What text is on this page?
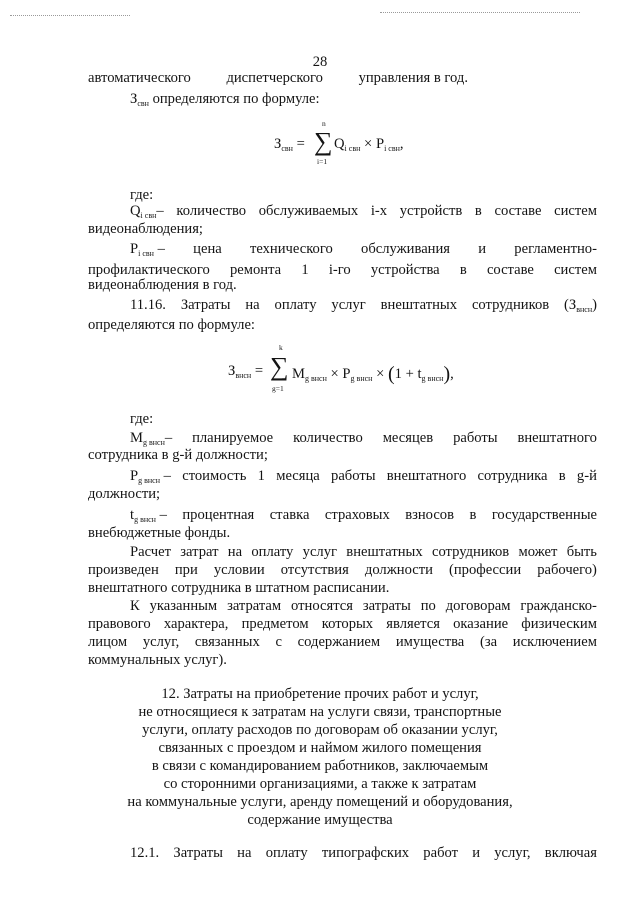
28
автоматического диспетчерского управления в год.
$З_{свн}$ определяются по формуле:
$З_{свн}$ =
n
∑
i=1
$Q_{i свн} \times P_{i свн}$,
где:
$Q_{i свн}-$ количество обслуживаемых i-х устройств в составе систем
видеонаблюдения;
$P_{i свн}$ – цена технического обслуживания и регламентно-
профилактического ремонта 1 i-го устройства в составе систем
видеонаблюдения в год.
11.16. Затраты на оплату услуг внештатных сотрудников $(З_{внсн})$
определяются по формуле:
$З_{внсн}$ =
k
∑
g=1
$M_{g внсн} \times P_{g внсн} \times (1 + t_{g внсн})$,
где:
$M_{g внсн}-$ планируемое количество месяцев работы внештатного
сотрудника в g-й должности;
$P_{g внсн}$ – стоимость 1 месяца работы внештатного сотрудника в g-й
должности;
$t_{g внсн}$ – процентная ставка страховых взносов в государственные
внебюджетные фонды.
Расчет затрат на оплату услуг внештатных сотрудников может быть
произведен при условии отсутствия должности (профессии рабочего)
внештатного сотрудника в штатном расписании.
К указанным затратам относятся затраты по договорам гражданско-
правового характера, предметом которых является оказание физическим
лицом услуг, связанных с содержанием имущества (за исключением
коммунальных услуг).
12. Затраты на приобретение прочих работ и услуг,
не относящиеся к затратам на услуги связи, транспортные
услуги, оплату расходов по договорам об оказании услуг,
связанных с проездом и наймом жилого помещения
в связи с командированием работников, заключаемым
со сторонними организациями, а также к затратам
на коммунальные услуги, аренду помещений и оборудования,
содержание имущества
12.1. Затраты на оплату типографских работ и услуг, включая
